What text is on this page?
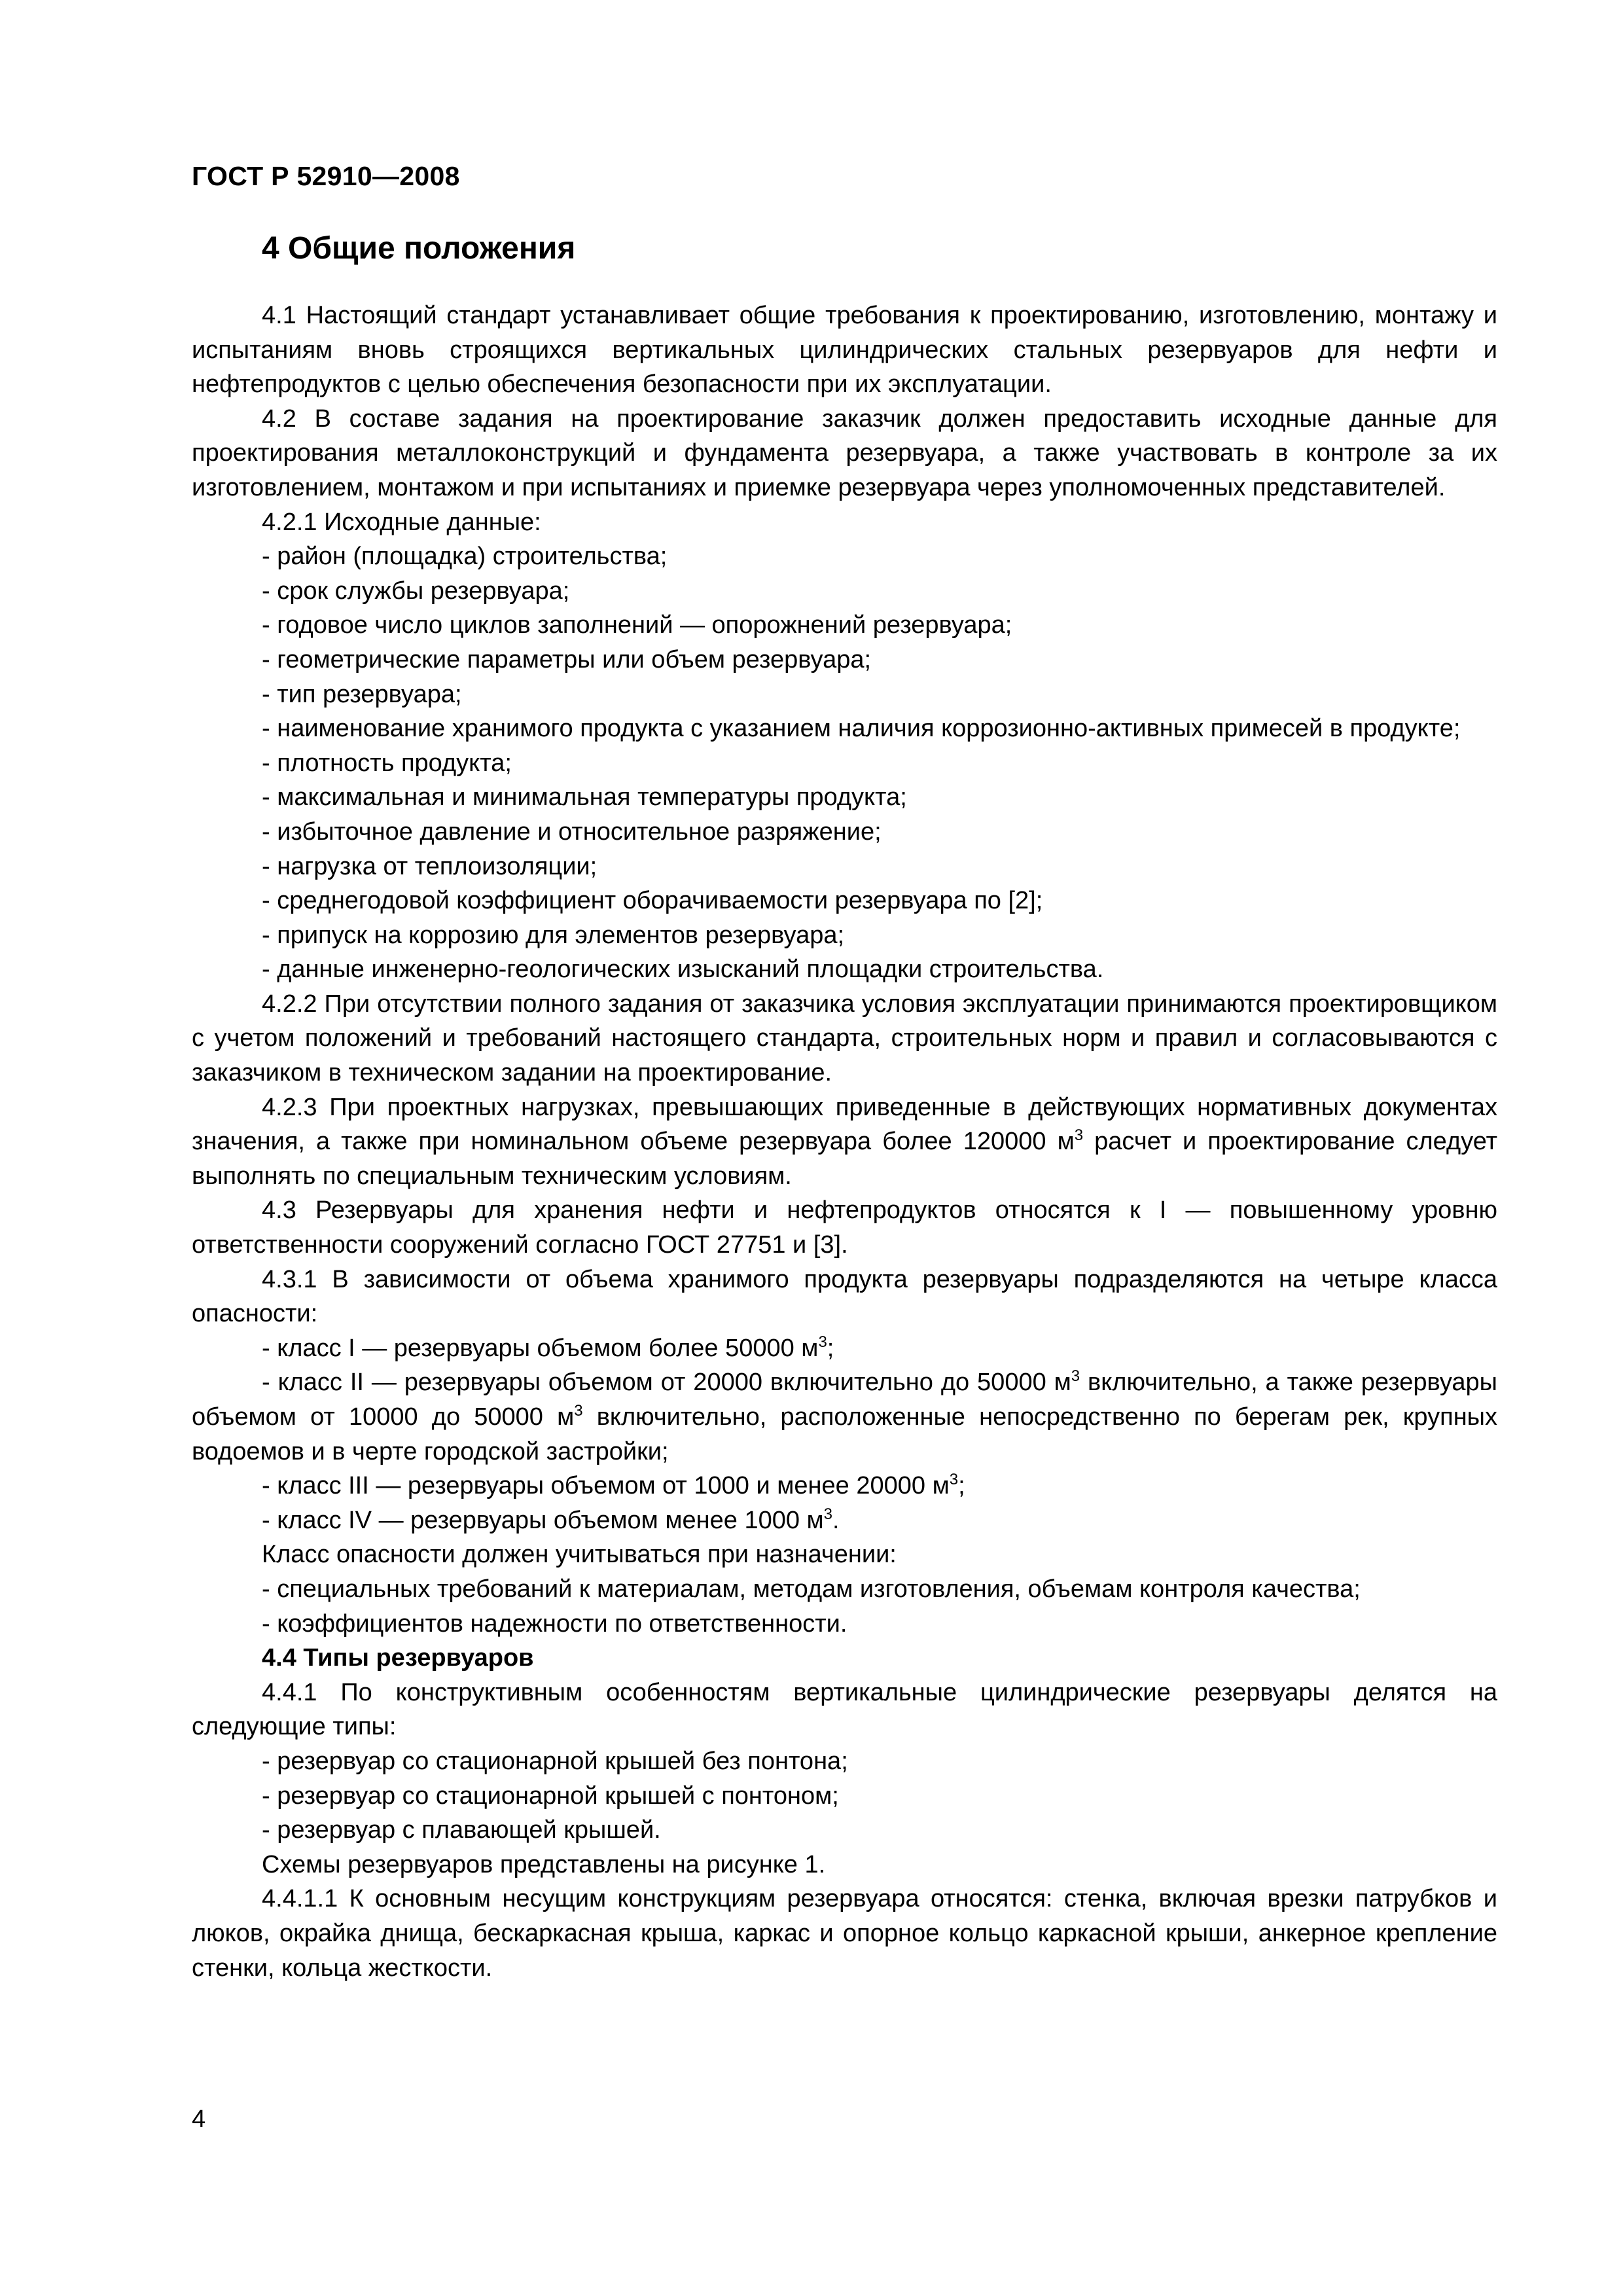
ГОСТ Р 52910—2008
4 Общие положения

4.1 Настоящий стандарт устанавливает общие требования к проектированию, изготовлению, монтажу и испытаниям вновь строящихся вертикальных цилиндрических стальных резервуаров для нефти и нефтепродуктов с целью обеспечения безопасности при их эксплуатации.

4.2 В составе задания на проектирование заказчик должен предоставить исходные данные для проектирования металлоконструкций и фундамента резервуара, а также участвовать в контроле за их изготовлением, монтажом и при испытаниях и приемке резервуара через уполномоченных представителей.

4.2.1 Исходные данные:

- район (площадка) строительства;

- срок службы резервуара;

- годовое число циклов заполнений — опорожнений резервуара;

- геометрические параметры или объем резервуара;

- тип резервуара;

- наименование хранимого продукта с указанием наличия коррозионно-активных примесей в продукте;

- плотность продукта;

- максимальная и минимальная температуры продукта;

- избыточное давление и относительное разряжение;

- нагрузка от теплоизоляции;

- среднегодовой коэффициент оборачиваемости резервуара по [2];

- припуск на коррозию для элементов резервуара;

- данные инженерно-геологических изысканий площадки строительства.

4.2.2 При отсутствии полного задания от заказчика условия эксплуатации принимаются проектировщиком с учетом положений и требований настоящего стандарта, строительных норм и правил и согласовываются с заказчиком в техническом задании на проектирование.

4.2.3 При проектных нагрузках, превышающих приведенные в действующих нормативных документах значения, а также при номинальном объеме резервуара более 120000 $м^3$ расчет и проектирование следует выполнять по специальным техническим условиям.

4.3 Резервуары для хранения нефти и нефтепродуктов относятся к I — повышенному уровню ответственности сооружений согласно ГОСТ 27751 и [3].

4.3.1 В зависимости от объема хранимого продукта резервуары подразделяются на четыре класса опасности:

- класс I — резервуары объемом более 50000 $м^3$;

- класс II — резервуары объемом от 20000 включительно до 50000 $м^3$ включительно, а также резервуары объемом от 10000 до 50000 $м^3$ включительно, расположенные непосредственно по берегам рек, крупных водоемов и в черте городской застройки;

- класс III — резервуары объемом от 1000 и менее 20000 $м^3$;

- класс IV — резервуары объемом менее 1000 $м^3$.

Класс опасности должен учитываться при назначении:

- специальных требований к материалам, методам изготовления, объемам контроля качества;

- коэффициентов надежности по ответственности.

4.4 Типы резервуаров

4.4.1 По конструктивным особенностям вертикальные цилиндрические резервуары делятся на следующие типы:

- резервуар со стационарной крышей без понтона;

- резервуар со стационарной крышей с понтоном;

- резервуар с плавающей крышей.

Схемы резервуаров представлены на рисунке 1.

4.4.1.1 К основным несущим конструкциям резервуара относятся: стенка, включая врезки патрубков и люков, окрайка днища, бескаркасная крыша, каркас и опорное кольцо каркасной крыши, анкерное крепление стенки, кольца жесткости.

4
